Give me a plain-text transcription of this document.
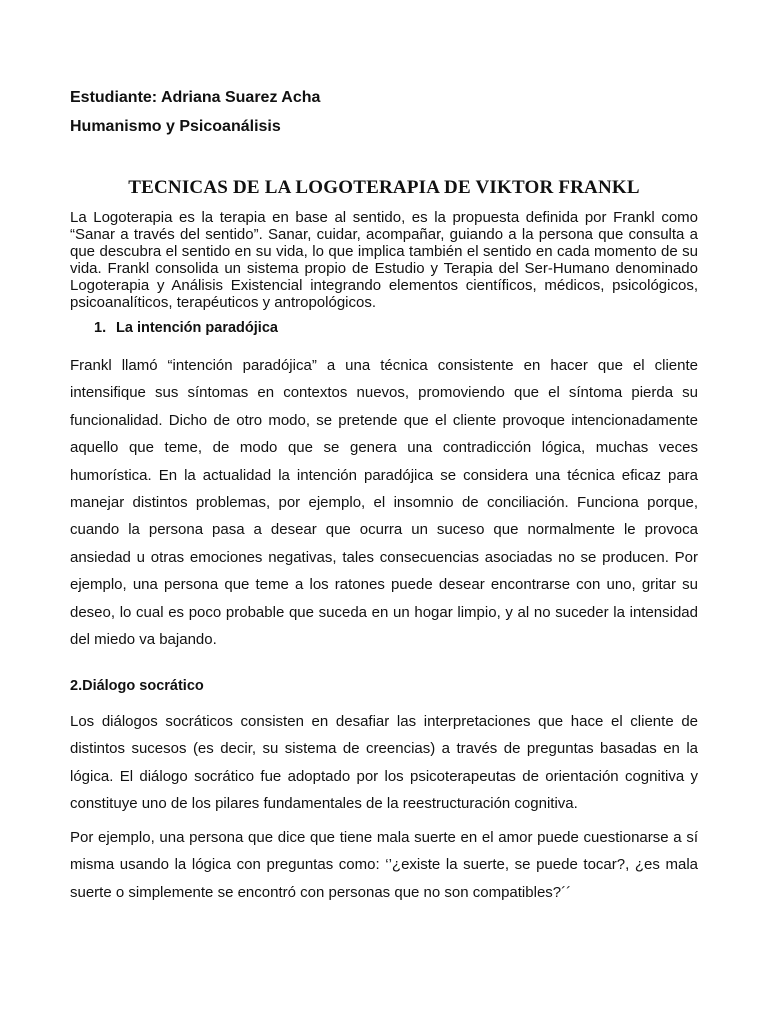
Estudiante: Adriana Suarez Acha

Humanismo y Psicoanálisis

TECNICAS DE LA LOGOTERAPIA DE VIKTOR FRANKL

La Logoterapia es la terapia en base al sentido, es la propuesta definida por Frankl como “Sanar a través del sentido”. Sanar, cuidar, acompañar, guiando a la persona que consulta a que descubra el sentido en su vida, lo que implica también el sentido en cada momento de su vida. Frankl consolida un sistema propio de Estudio y Terapia del Ser-Humano denominado Logoterapia y Análisis Existencial integrando elementos científicos, médicos, psicológicos, psicoanalíticos, terapéuticos y antropológicos.

1. La intención paradójica

Frankl llamó “intención paradójica” a una técnica consistente en hacer que el cliente intensifique sus síntomas en contextos nuevos, promoviendo que el síntoma pierda su funcionalidad. Dicho de otro modo, se pretende que el cliente provoque intencionadamente aquello que teme, de modo que se genera una contradicción lógica, muchas veces humorística. En la actualidad la intención paradójica se considera una técnica eficaz para manejar distintos problemas, por ejemplo, el insomnio de conciliación. Funciona porque, cuando la persona pasa a desear que ocurra un suceso que normalmente le provoca ansiedad u otras emociones negativas, tales consecuencias asociadas no se producen. Por ejemplo, una persona que teme a los ratones puede desear encontrarse con uno, gritar su deseo, lo cual es poco probable que suceda en un hogar limpio, y al no suceder la intensidad del miedo va bajando.

2.Diálogo socrático

Los diálogos socráticos consisten en desafiar las interpretaciones que hace el cliente de distintos sucesos (es decir, su sistema de creencias) a través de preguntas basadas en la lógica. El diálogo socrático fue adoptado por los psicoterapeutas de orientación cognitiva y constituye uno de los pilares fundamentales de la reestructuración cognitiva.

Por ejemplo, una persona que dice que tiene mala suerte en el amor puede cuestionarse a sí misma usando la lógica con preguntas como: ‘’¿existe la suerte, se puede tocar?, ¿es mala suerte o simplemente se encontró con personas que no son compatibles?´´
